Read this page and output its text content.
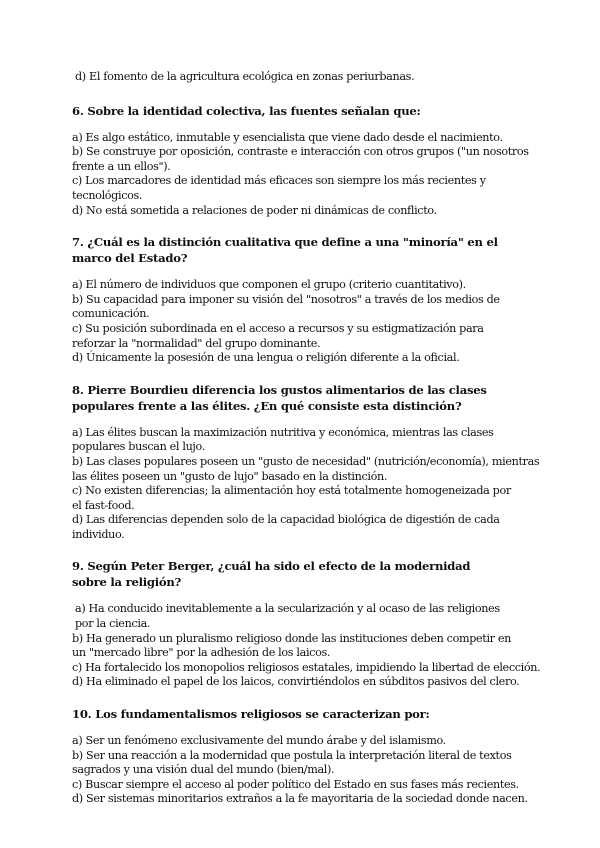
d) El fomento de la agricultura ecológica en zonas periurbanas.
6. Sobre la identidad colectiva, las fuentes señalan que:
a) Es algo estático, inmutable y esencialista que viene dado desde el nacimiento.
b) Se construye por oposición, contraste e interacción con otros grupos ("un nosotros frente a un ellos").
c) Los marcadores de identidad más eficaces son siempre los más recientes y tecnológicos.
d) No está sometida a relaciones de poder ni dinámicas de conflicto.
7. ¿Cuál es la distinción cualitativa que define a una "minoría" en el marco del Estado?
a) El número de individuos que componen el grupo (criterio cuantitativo).
b) Su capacidad para imponer su visión del "nosotros" a través de los medios de comunicación.
c) Su posición subordinada en el acceso a recursos y su estigmatización para reforzar la "normalidad" del grupo dominante.
d) Únicamente la posesión de una lengua o religión diferente a la oficial.
8. Pierre Bourdieu diferencia los gustos alimentarios de las clases populares frente a las élites. ¿En qué consiste esta distinción?
a) Las élites buscan la maximización nutritiva y económica, mientras las clases populares buscan el lujo.
b) Las clases populares poseen un "gusto de necesidad" (nutrición/economía), mientras las élites poseen un "gusto de lujo" basado en la distinción.
c) No existen diferencias; la alimentación hoy está totalmente homogeneizada por el fast-food.
d) Las diferencias dependen solo de la capacidad biológica de digestión de cada individuo.
9. Según Peter Berger, ¿cuál ha sido el efecto de la modernidad sobre la religión?
a) Ha conducido inevitablemente a la secularización y al ocaso de las religiones por la ciencia.
b) Ha generado un pluralismo religioso donde las instituciones deben competir en un "mercado libre" por la adhesión de los laicos.
c) Ha fortalecido los monopolios religiosos estatales, impidiendo la libertad de elección.
d) Ha eliminado el papel de los laicos, convirtiéndolos en súbditos pasivos del clero.
10. Los fundamentalismos religiosos se caracterizan por:
a) Ser un fenómeno exclusivamente del mundo árabe y del islamismo.
b) Ser una reacción a la modernidad que postula la interpretación literal de textos sagrados y una visión dual del mundo (bien/mal).
c) Buscar siempre el acceso al poder político del Estado en sus fases más recientes.
d) Ser sistemas minoritarios extraños a la fe mayoritaria de la sociedad donde nacen.
